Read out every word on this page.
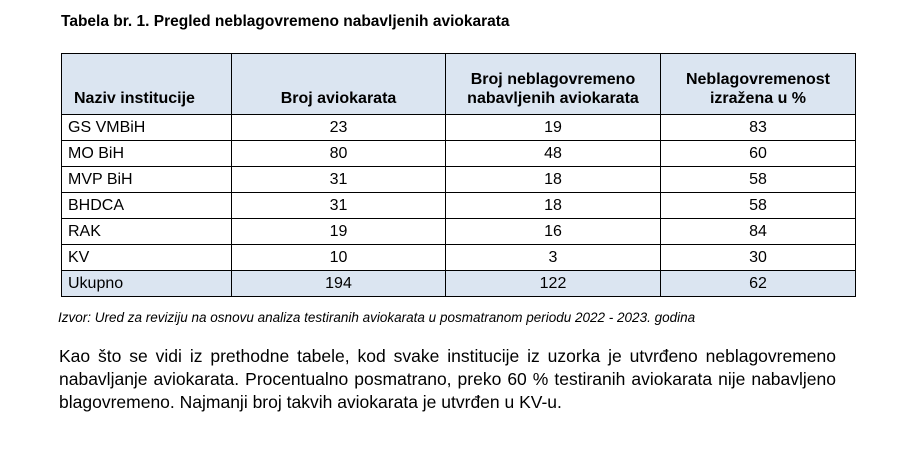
Tabela br. 1. Pregled neblagovremeno nabavljenih aviokarata
Naziv institucije	Broj aviokarata	Broj neblagovremeno nabavljenih aviokarata	Neblagovremenost izražena u %
GS VMBiH	23	19	83
MO BiH	80	48	60
MVP BiH	31	18	58
BHDCA	31	18	58
RAK	19	16	84
KV	10	3	30
Ukupno	194	122	62
Izvor: Ured za reviziju na osnovu analiza testiranih aviokarata u posmatranom periodu 2022 - 2023. godina
Kao što se vidi iz prethodne tabele, kod svake institucije iz uzorka je utvrđeno neblagovremeno nabavljanje aviokarata. Procentualno posmatrano, preko 60 % testiranih aviokarata nije nabavljeno blagovremeno. Najmanji broj takvih aviokarata je utvrđen u KV-u.
